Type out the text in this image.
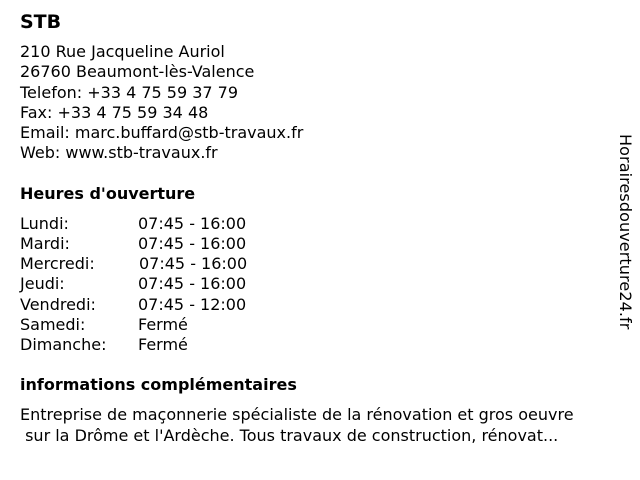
STB
210 Rue Jacqueline Auriol
26760 Beaumont-lès-Valence
Telefon: +33 4 75 59 37 79
Fax: +33 4 75 59 34 48
Email: marc.buffard@stb-travaux.fr
Web: www.stb-travaux.fr
Heures d'ouverture
Lundi:	07:45 - 16:00
Mardi:	07:45 - 16:00
Mercredi:	07:45 - 16:00
Jeudi:	07:45 - 16:00
Vendredi:	07:45 - 12:00
Samedi:	Fermé
Dimanche: Fermé
informations complémentaires
Entreprise de maçonnerie spécialiste de la rénovation et gros oeuvre
sur la Drôme et l'Ardèche. Tous travaux de construction, rénovat...
Horairesdouverture24.fr
